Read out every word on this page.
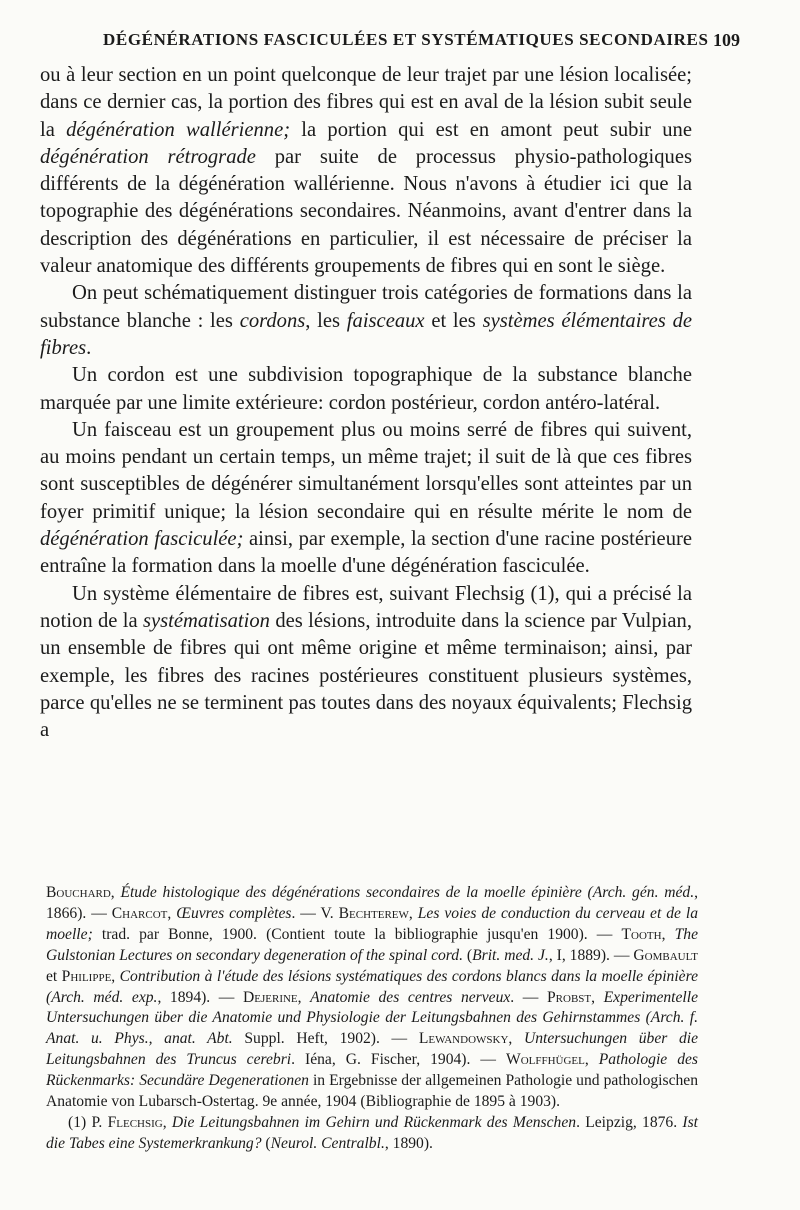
DÉGÉNÉRATIONS FASCICULÉES ET SYSTÉMATIQUES SECONDAIRES 109

ou à leur section en un point quelconque de leur trajet par une lésion localisée; dans ce dernier cas, la portion des fibres qui est en aval de la lésion subit seule la dégénération wallérienne; la portion qui est en amont peut subir une dégénération rétrograde par suite de processus physio-pathologiques différents de la dégénération wallérienne. Nous n'avons à étudier ici que la topographie des dégénérations secondaires. Néanmoins, avant d'entrer dans la description des dégénérations en particulier, il est nécessaire de préciser la valeur anatomique des différents groupements de fibres qui en sont le siège.

On peut schématiquement distinguer trois catégories de formations dans la substance blanche : les cordons, les faisceaux et les systèmes élémentaires de fibres.

Un cordon est une subdivision topographique de la substance blanche marquée par une limite extérieure: cordon postérieur, cordon antéro-latéral.

Un faisceau est un groupement plus ou moins serré de fibres qui suivent, au moins pendant un certain temps, un même trajet; il suit de là que ces fibres sont susceptibles de dégénérer simultanément lorsqu'elles sont atteintes par un foyer primitif unique; la lésion secondaire qui en résulte mérite le nom de dégénération fasciculée; ainsi, par exemple, la section d'une racine postérieure entraîne la formation dans la moelle d'une dégénération fasciculée.

Un système élémentaire de fibres est, suivant Flechsig (1), qui a précisé la notion de la systématisation des lésions, introduite dans la science par Vulpian, un ensemble de fibres qui ont même origine et même terminaison; ainsi, par exemple, les fibres des racines postérieures constituent plusieurs systèmes, parce qu'elles ne se terminent pas toutes dans des noyaux équivalents; Flechsig a

Bouchard, Étude histologique des dégénérations secondaires de la moelle épinière (Arch. gén. méd., 1866). — Charcot, Œuvres complètes. — V. Bechterew, Les voies de conduction du cerveau et de la moelle; trad. par Bonne, 1900. (Contient toute la bibliographie jusqu'en 1900). — Tooth, The Gulstonian Lectures on secondary degeneration of the spinal cord. (Brit. med. J., I, 1889). — Gombault et Philippe, Contribution à l'étude des lésions systématiques des cordons blancs dans la moelle épinière (Arch. méd. exp., 1894). — Dejerine, Anatomie des centres nerveux. — Probst, Experimentelle Untersuchungen über die Anatomie und Physiologie der Leitungsbahnen des Gehirnstammes (Arch. f. Anat. u. Phys., anat. Abt. Suppl. Heft, 1902). — Lewandowsky, Untersuchungen über die Leitungsbahnen des Truncus cerebri. Iéna, G. Fischer, 1904). — Wolffhügel, Pathologie des Rückenmarks: Secundäre Degenerationen in Ergebnisse der allgemeinen Pathologie und pathologischen Anatomie von Lubarsch-Ostertag. 9e année, 1904 (Bibliographie de 1895 à 1903).

(1) P. Flechsig, Die Leitungsbahnen im Gehirn und Rückenmark des Menschen. Leipzig, 1876. Ist die Tabes eine Systemerkrankung? (Neurol. Centralbl., 1890).
